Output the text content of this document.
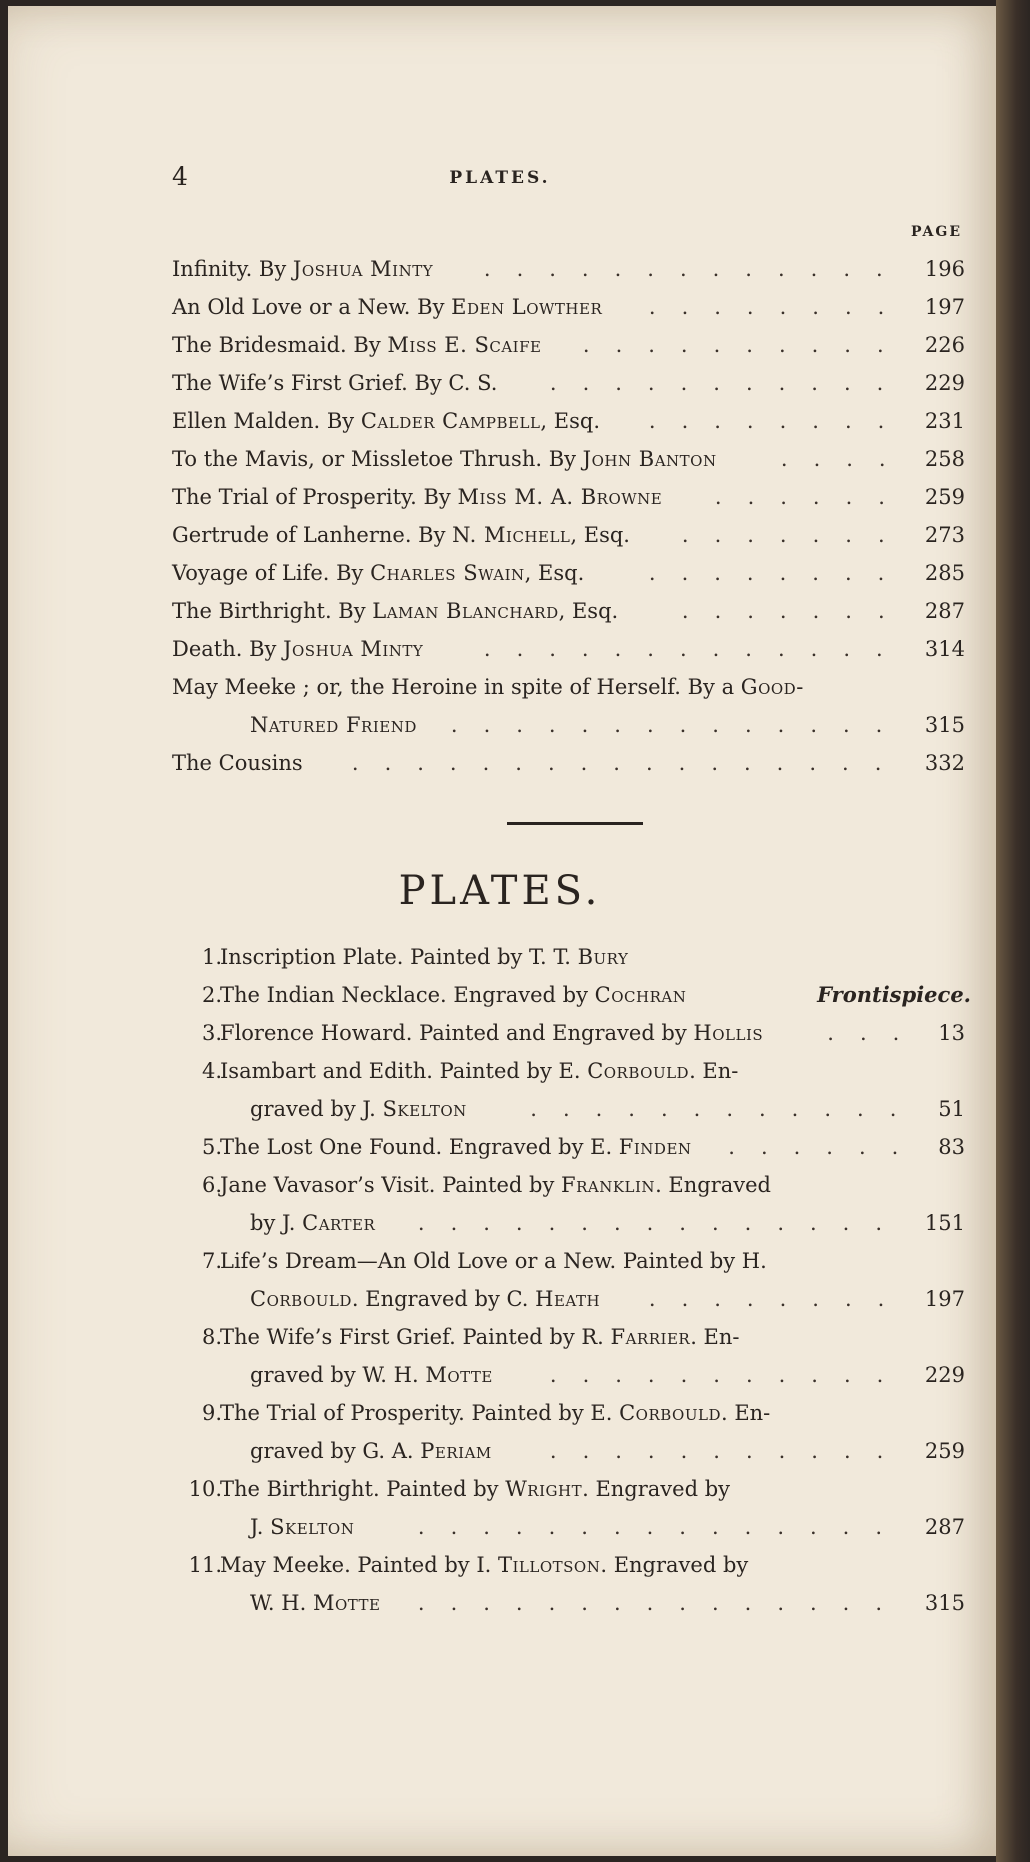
4	PLATES.
PAGE
Infinity. By Joshua Minty	196
.............
An Old Love or a New. By Eden Lowther	197
........
The Bridesmaid. By Miss E. Scaife	226
..........
The Wife’s First Grief. By C. S.	229
...........
Ellen Malden. By Calder Campbell, Esq.	231
........
To the Mavis, or Missletoe Thrush. By John Banton	258
....
The Trial of Prosperity. By Miss M. A. Browne	259
......
Gertrude of Lanherne. By N. Michell, Esq.	273
.......
Voyage of Life. By Charles Swain, Esq.	285
........
The Birthright. By Laman Blanchard, Esq.	287
.......
Death. By Joshua Minty	314
.............
May Meeke ; or, the Heroine in spite of Herself. By a Good-
Natured Friend	315
..............
The Cousins	332
.................
PLATES.
1.
Inscription Plate. Painted by T. T. Bury
2.
The Indian Necklace. Engraved by Cochran	Frontispiece.
3.
Florence Howard. Painted and Engraved by Hollis	13
...
4.
Isambart and Edith. Painted by E. Corbould. En-
graved by J. Skelton	51
............
5.
The Lost One Found. Engraved by E. Finden	83
......
6.
Jane Vavasor’s Visit. Painted by Franklin. Engraved
by J. Carter	151
...............
7.
Life’s Dream—An Old Love or a New. Painted by H.
Corbould. Engraved by C. Heath	197
........
8.
The Wife’s First Grief. Painted by R. Farrier. En-
graved by W. H. Motte	229
...........
9.
The Trial of Prosperity. Painted by E. Corbould. En-
graved by G. A. Periam	259
...........
10.
The Birthright. Painted by Wright. Engraved by
J. Skelton	287
...............
11.
May Meeke. Painted by I. Tillotson. Engraved by
W. H. Motte	315
...............
